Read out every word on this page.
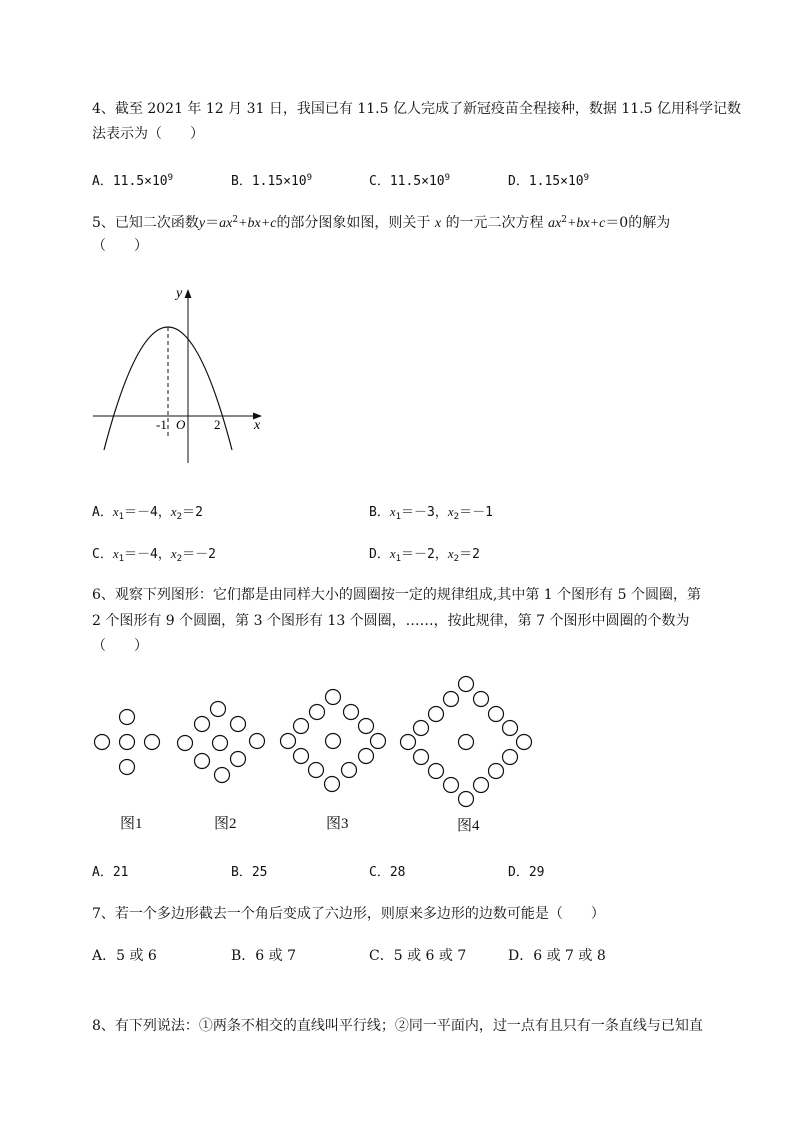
4、截至 2021 年 12 月 31 日，我国已有 11.5 亿人完成了新冠疫苗全程接种，数据 11.5 亿用科学记数
法表示为（　　）
A．$11.5\times 10^9$	B．$1.15\times 10^9$	C．$11.5\times 10^9$	D．$1.15\times 10^9$
5、已知二次函数$y=ax^2+bx+c$的部分图象如图，则关于 x 的一元二次方程 $ax^2+bx+c=0$的解为
（　　）
y
x
O
-1	2
A．$x_1=-4$，$x_2=2$	B．$x_1=-3$，$x_2=-1$
C．$x_1=-4$，$x_2=-2$	D．$x_1=-2$，$x_2=2$
6、观察下列图形：它们都是由同样大小的圆圈按一定的规律组成,其中第 1 个图形有 5 个圆圈，第
2 个图形有 9 个圆圈，第 3 个图形有 13 个圆圈，……，按此规律，第 7 个图形中圆圈的个数为
（　　）
图1	图2	图3	图4
A．21	B．25	C．28	D．29
7、若一个多边形截去一个角后变成了六边形，则原来多边形的边数可能是（　　）
A．5 或 6	B．6 或 7	C．5 或 6 或 7	D．6 或 7 或 8
8、有下列说法：①两条不相交的直线叫平行线；②同一平面内，过一点有且只有一条直线与已知直
